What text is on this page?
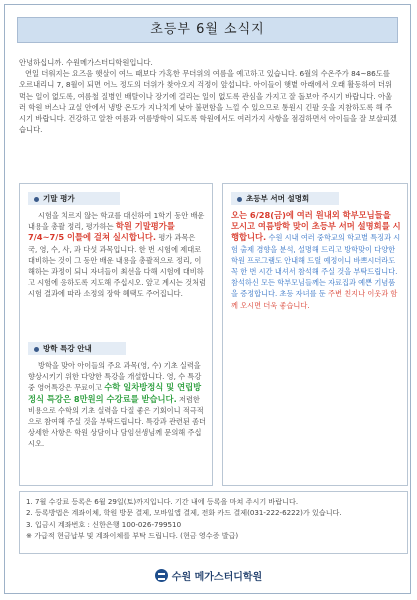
초등부 6월 소식지

안녕하십니까. 수원메가스터디학원입니다.

연일 더워지는 요즈음 햇살이 여느 때보다 가혹한 무더위의 여름을 예고하고 있습니다. 6월의 수온주가 84~86도를 오르내리니 7, 8월이 되면 어느 정도의 더위가 찾아오지 걱정이 앞섭니다. 아이들이 햇볕 아래에서 오래 활동하여 더위 먹는 일이 없도록, 여름철 질병인 배탈이나 장기에 걸리는 일이 없도록 관심을 가지고 잘 돌보아 주시기 바랍니다. 아울러 학원 버스나 교실 안에서 냉방 온도가 지나치게 낮아 불편함을 느낄 수 있으므로 통원시 긴팔 옷을 지참하도록 해 주시기 바랍니다. 건강하고 알찬 여름과 여름방학이 되도록 학원에서도 여러가지 사항을 점검하면서 아이들을 잘 보살피겠습니다.

기말 평가
시험을 치르지 않는 학교를 대신하여 1학기 동안 배운 내용을 총괄 정리, 평가하는 학원 기말평가를 7/4~7/5 이틀에 걸쳐 실시합니다. 평가 과목은 국, 영, 수, 사, 과 다섯 과목입니다. 한 번 시험에 제대로 대비하는 것이 그 동안 배운 내용을 총괄적으로 정리, 이해하는 과정이 되니 자녀들이 최선을 다해 시험에 대비하고 시험에 응하도록 지도해 주십시오. 앞고 계시는 것처럼 시험 결과에 따라 소정의 장학 혜택도 주어집니다.
방학 특강 안내
방학을 맞아 아이들의 주요 과목(영, 수) 기초 실력을 향상시키기 위한 다양한 특강을 개설합니다. 영, 수 특강 중 영어특강은 무료이고 수학 일차방정식 및 연립방정식 특강은 8만원의 수강료를 받습니다. 저렴한 비용으로 수학의 기초 실력을 다질 좋은 기회이니 적극적으로 참여해 주실 것을 부탁드립니다. 특강과 관련된 좀더 상세한 사항은 학원 상담이나 담임선생님께 문의해 주십시오.
초등부 서머 설명회
오는 6/28(금)에 여러 원내외 학부모님들을 모시고 여름방학 맞이 초등부 서머 설명회를 시행합니다. 수원 시내 여러 중학교의 학교별 특징과 시험 출제 경향을 분석, 설명해 드리고 방학맞이 다양한 학원 프로그램도 안내해 드릴 예정이니 바쁘시더라도 꼭 한 번 시간 내셔서 참석해 주실 것을 부탁드립니다. 참석하신 모든 학부모님들께는 자료집과 예쁜 기념품을 증정합니다. 초등 자녀를 둔 주변 친지나 이웃과 함께 오시면 더욱 좋습니다.

1. 7월 수강료 등록은 6월 29일(토)까지입니다. 기간 내에 등록을 마쳐 주시기 바랍니다.

2. 등록방법은 계좌이체, 학원 방문 결제, 모바일앱 결제, 전화 카드 결제(031-222-6222)가 있습니다.

3. 입금시 계좌번호 : 신한은행 100-026-799510

※ 가급적 현금납부 및 계좌이체를 부탁 드립니다. (현금 영수증 발급)

수원 메가스터디학원
